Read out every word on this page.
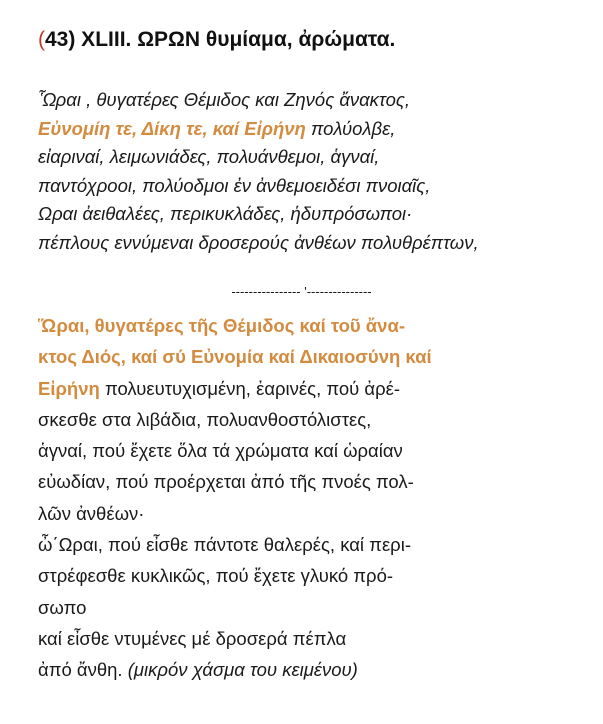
(43) XLIII. ΩΡΩΝ θυμίαμα, ἀρώματα.
Ὧραι , θυγατέρες Θέμιδος και Ζηνός ἄνακτος,
Εὐνομίη τε, Δίκη τε, καί Εἰρήνη πολύολβε,
εἰαριναί, λειμωνιάδες, πολυάνθεμοι, ἁγναί,
παντόχροοι, πολύοδμοι ἐν ἀνθεμοειδέσι πνοιαῖς,
Ωραι ἀειθαλέες, περικυκλάδες, ἡδυπρόσωποι·
πέπλους εννύμεναι δροσερούς ἀνθέων πολυθρέπτων,
---------------- '---------------
Ὥραι, θυγατέρες τῆς Θέμιδος καί τοῦ ἄνα-
κτος Διός, καί σύ Εὐνομία καί Δικαιοσύνη καί
Εἰρήνη πολυευτυχισμένη, ἐαρινές, πού ἀρέ-
σκεσθε στα λιβάδια, πολυανθοστόλιστες,
ἁγναί, πού ἔχετε ὅλα τά χρώματα καί ὡραίαν
εὐωδίαν, πού προέρχεται ἀπό τῆς πνοές πολ-
λῶν ἀνθέων·
ὦ΄Ωραι, πού εἶσθε πάντοτε θαλερές, καί περι-
στρέφεσθε κυκλικῶς, πού ἔχετε γλυκό πρό-
σωπο
καί εἶσθε ντυμένες μέ δροσερά πέπλα
ἀπό ἄνθη. (μικρόν χάσμα του κειμένου)
